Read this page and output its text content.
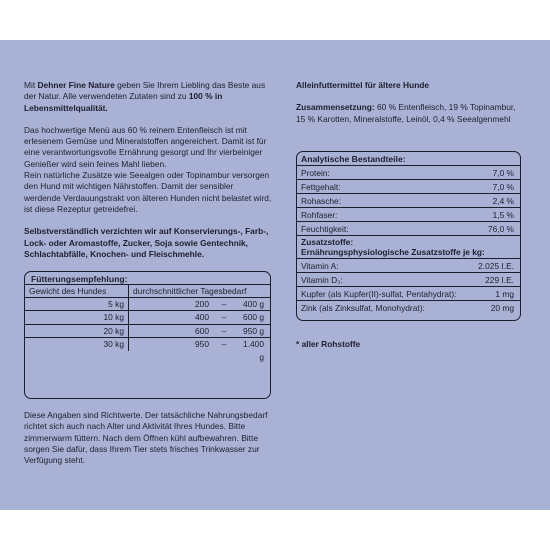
Mit Dehner Fine Nature geben Sie Ihrem Liebling das Beste aus der Natur. Alle verwendeten Zutaten sind zu 100 % in Lebensmittelqualität.

Das hochwertige Menü aus 60 % reinem Entenfleisch ist mit erlesenem Gemüse und Mineralstoffen angereichert. Damit ist für eine verantwortungsvolle Ernährung gesorgt und Ihr vierbeiniger Genießer wird sein feines Mahl lieben.

Rein natürliche Zusätze wie Seealgen oder Topinambur versorgen den Hund mit wichtigen Nährstoffen. Damit der sensibler werdende Verdauungstrakt von älteren Hunden nicht belastet wird, ist diese Rezeptur getreidefrei.

Selbstverständlich verzichten wir auf Konservierungs-, Farb-, Lock- oder Aromastoffe, Zucker, Soja sowie Gentechnik, Schlachtabfälle, Knochen- und Fleischmehle.

Fütterungsempfehlung:
Gewicht des Hundes	durchschnittlicher Tagesbedarf
5 kg	200	–	400 g
10 kg	400	–	600 g
20 kg	600	–	950 g
30 kg	950	–	1.400 g

Diese Angaben sind Richtwerte. Der tatsächliche Nahrungsbedarf richtet sich auch nach Alter und Aktivität Ihres Hundes. Bitte zimmerwarm füttern. Nach dem Öffnen kühl aufbewahren. Bitte sorgen Sie dafür, dass Ihrem Tier stets frisches Trinkwasser zur Verfügung steht.

Alleinfuttermittel für ältere Hunde

Zusammensetzung: 60 % Entenfleisch, 19 % Topinambur, 15 % Karotten, Mineralstoffe, Leinöl, 0,4 % Seealgenmehl

Analytische Bestandteile:
Protein:	7,0 %
Fettgehalt:	7,0 %
Rohasche:	2,4 %
Rohfaser:	1,5 %
Feuchtigkeit:	76,0 %
Zusatzstoffe:
Ernährungsphysiologische Zusatzstoffe je kg:
Vitamin A:	2.025 I.E.
Vitamin D₃:	229 I.E.
Kupfer (als Kupfer(II)-sulfat, Pentahydrat):	1 mg
Zink (als Zinksulfat, Monohydrat):	20 mg
* aller Rohstoffe
